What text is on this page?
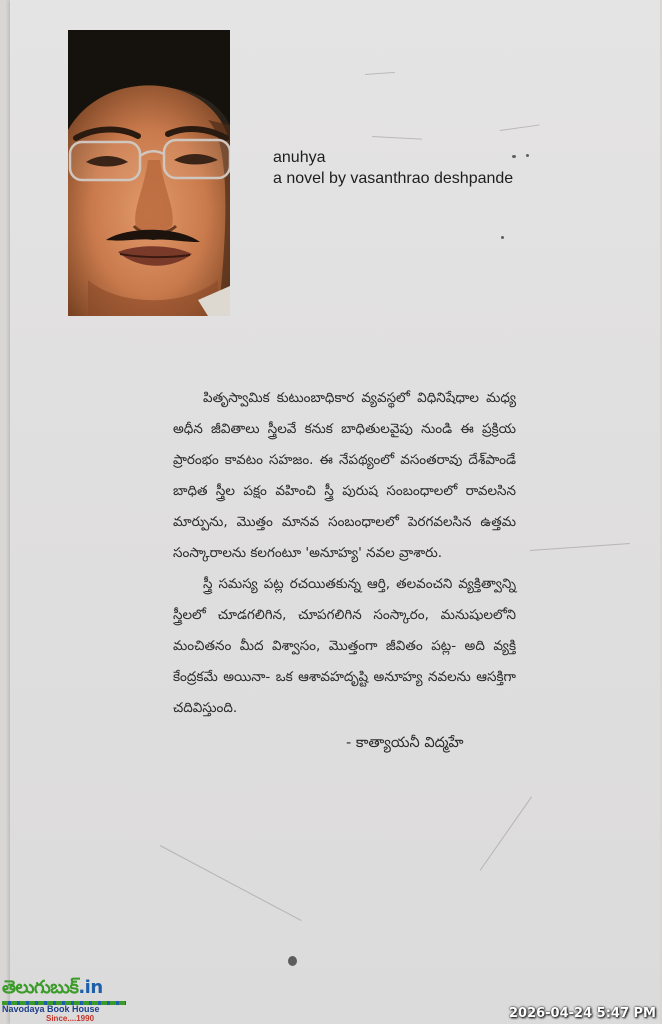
anuhya
a novel by vasanthrao deshpande

పితృస్వామిక కుటుంబాధికార వ్యవస్థలో విధినిషేధాల మధ్య అధీన జీవితాలు స్త్రీలవే కనుక బాధితులవైపు నుండి ఈ ప్రక్రియ ప్రారంభం కావటం సహజం. ఈ నేపథ్యంలో వసంతరావు దేశ్‌పాండే బాధిత స్త్రీల పక్షం వహించి స్త్రీ పురుష సంబంధాలలో రావలసిన మార్పును, మొత్తం మానవ సంబంధాలలో పెరగవలసిన ఉత్తమ సంస్కారాలను కలగంటూ 'అనూహ్య' నవల వ్రాశారు.

స్త్రీ సమస్య పట్ల రచయితకున్న ఆర్తి, తలవంచని వ్యక్తిత్వాన్ని స్త్రీలలో చూడగలిగిన, చూపగలిగిన సంస్కారం, మనుషులలోని మంచితనం మీద విశ్వాసం, మొత్తంగా జీవితం పట్ల- అది వ్యక్తి కేంద్రకమే అయినా- ఒక ఆశావహదృష్టి అనూహ్య నవలను ఆసక్తిగా చదివిస్తుంది.

- కాత్యాయనీ విద్మహే
తెలుగుబుక్.in
Navodaya Book House
Since....1990	2026-04-24 5:47 PM
